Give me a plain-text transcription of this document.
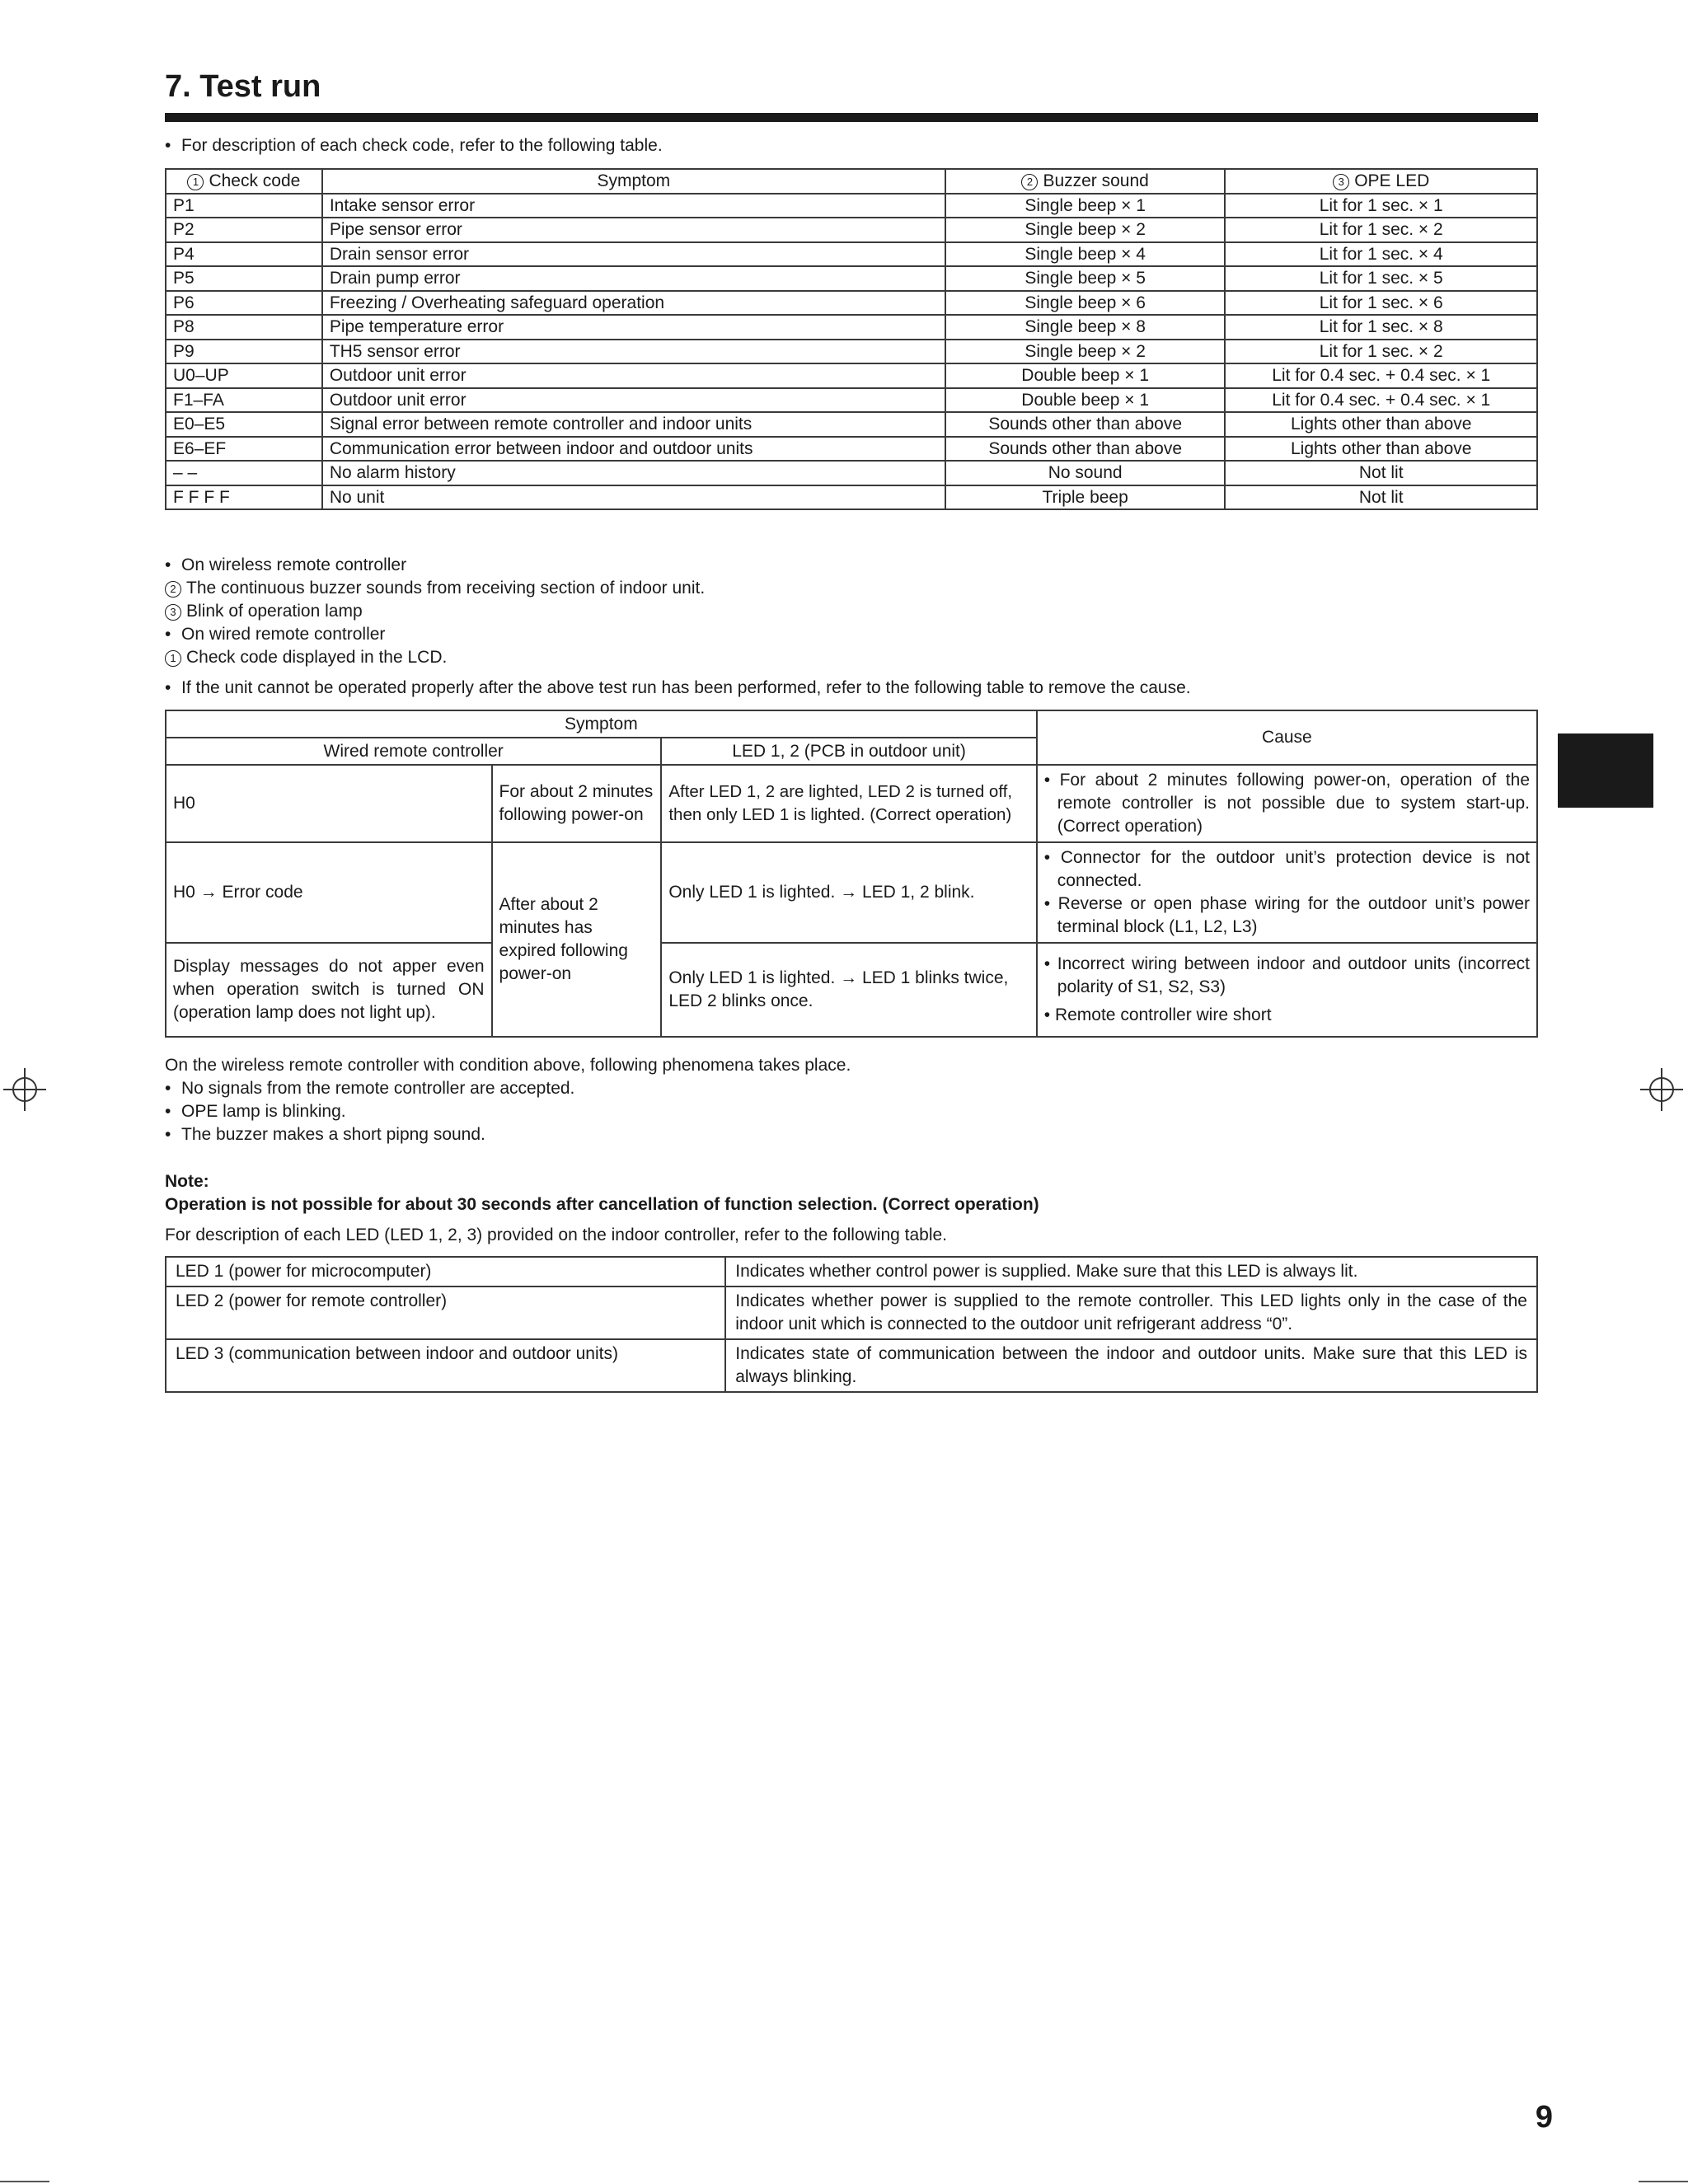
7. Test run
• For description of each check code, refer to the following table.
1 Check code	Symptom	2 Buzzer sound	3 OPE LED
P1	Intake sensor error	Single beep × 1	Lit for 1 sec. × 1
P2	Pipe sensor error	Single beep × 2	Lit for 1 sec. × 2
P4	Drain sensor error	Single beep × 4	Lit for 1 sec. × 4
P5	Drain pump error	Single beep × 5	Lit for 1 sec. × 5
P6	Freezing / Overheating safeguard operation	Single beep × 6	Lit for 1 sec. × 6
P8	Pipe temperature error	Single beep × 8	Lit for 1 sec. × 8
P9	TH5 sensor error	Single beep × 2	Lit for 1 sec. × 2
U0–UP	Outdoor unit error	Double beep × 1	Lit for 0.4 sec. + 0.4 sec. × 1
F1–FA	Outdoor unit error	Double beep × 1	Lit for 0.4 sec. + 0.4 sec. × 1
E0–E5	Signal error between remote controller and indoor units	Sounds other than above	Lights other than above
E6–EF	Communication error between indoor and outdoor units	Sounds other than above	Lights other than above
– –	No alarm history	No sound	Not lit
F F F F	No unit	Triple beep	Not lit
• On wireless remote controller
2 The continuous buzzer sounds from receiving section of indoor unit.
3 Blink of operation lamp
• On wired remote controller
1 Check code displayed in the LCD.
• If the unit cannot be operated properly after the above test run has been performed, refer to the following table to remove the cause.
Symptom			Cause
Wired remote controller		LED 1, 2 (PCB in outdoor unit)	
H0	For about 2 minutes following power-on	After LED 1, 2 are lighted, LED 2 is turned off, then only LED 1 is lighted. (Correct operation)	• For about 2 minutes following power-on, operation of the remote controller is not possible due to system start-up. (Correct operation)

H0 → Error code	After about 2 minutes has expired following power-on	Only LED 1 is lighted. → LED 1, 2 blink.	• Connector for the outdoor unit’s protection device is not connected.
• Reverse or open phase wiring for the outdoor unit’s power terminal block (L1, L2, L3)

Display messages do not apper even when operation switch is turned ON (operation lamp does not light up).		Only LED 1 is lighted. → LED 1 blinks twice, LED 2 blinks once.	• Incorrect wiring between indoor and outdoor units (incorrect polarity of S1, S2, S3)
• Remote controller wire short
On the wireless remote controller with condition above, following phenomena takes place.
• No signals from the remote controller are accepted.
• OPE lamp is blinking.
• The buzzer makes a short pipng sound.
Note:
Operation is not possible for about 30 seconds after cancellation of function selection. (Correct operation)
For description of each LED (LED 1, 2, 3) provided on the indoor controller, refer to the following table.
LED 1 (power for microcomputer)	Indicates whether control power is supplied. Make sure that this LED is always lit.
LED 2 (power for remote controller)	Indicates whether power is supplied to the remote controller. This LED lights only in the case of the indoor unit which is connected to the outdoor unit refrigerant address “0”.
LED 3 (communication between indoor and outdoor units)	Indicates state of communication between the indoor and outdoor units. Make sure that this LED is always blinking.
9
